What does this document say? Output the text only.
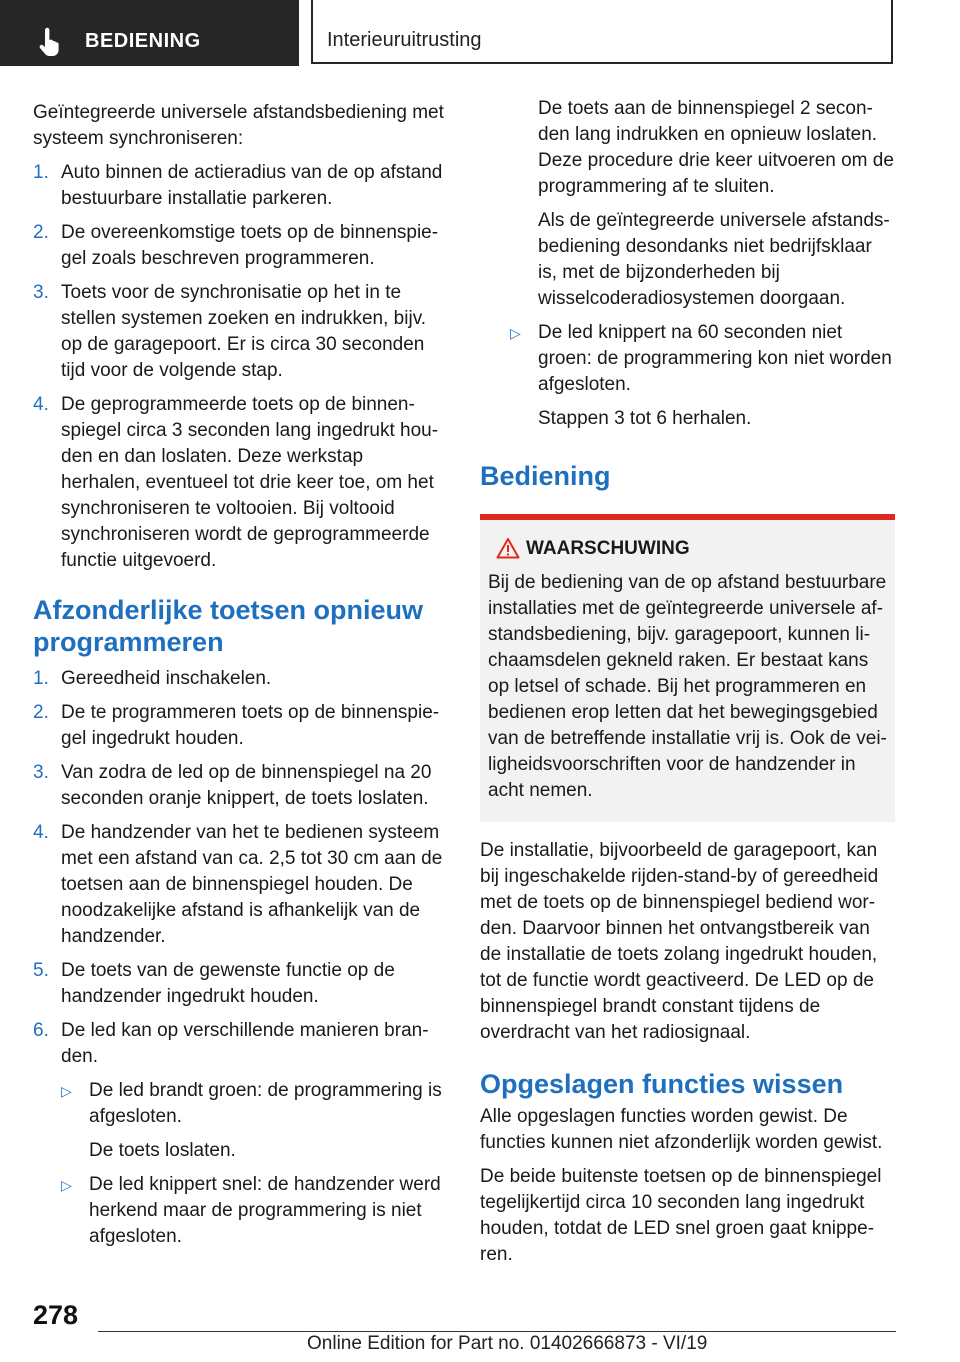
BEDIENING	Interieuruitrusting

Geïntegreerde universele afstandsbediening met systeem synchroniseren:

1. Auto binnen de actieradius van de op afstand bestuurbare installatie parkeren.
2. De overeenkomstige toets op de binnenspiegel zoals beschreven programmeren.
3. Toets voor de synchronisatie op het in te stellen systemen zoeken en indrukken, bijv. op de garagepoort. Er is circa 30 seconden tijd voor de volgende stap.
4. De geprogrammeerde toets op de binnenspiegel circa 3 seconden lang ingedrukt houden en dan loslaten. Deze werkstap herhalen, eventueel tot drie keer toe, om het synchroniseren te voltooien. Bij voltooid synchroniseren wordt de geprogrammeerde functie uitgevoerd.
Afzonderlijke toetsen opnieuw programmeren
1. Gereedheid inschakelen.
2. De te programmeren toets op de binnenspiegel ingedrukt houden.
3. Van zodra de led op de binnenspiegel na 20 seconden oranje knippert, de toets loslaten.
4. De handzender van het te bedienen systeem met een afstand van ca. 2,5 tot 30 cm aan de toetsen aan de binnenspiegel houden. De noodzakelijke afstand is afhankelijk van de handzender.
5. De toets van de gewenste functie op de handzender ingedrukt houden.
6. De led kan op verschillende manieren branden.
▷ De led brandt groen: de programmering is afgesloten.

De toets loslaten.

▷ De led knippert snel: de handzender werd herkend maar de programmering is niet afgesloten.

De toets aan de binnenspiegel 2 seconden lang indrukken en opnieuw loslaten. Deze procedure drie keer uitvoeren om de programmering af te sluiten.

Als de geïntegreerde universele afstandsbediening desondanks niet bedrijfsklaar is, met de bijzonderheden bij wisselcoderadiosystemen doorgaan.

▷ De led knippert na 60 seconden niet groen: de programmering kon niet worden afgesloten.

Stappen 3 tot 6 herhalen.

Bediening
WAARSCHUWING
Bij de bediening van de op afstand bestuurbare installaties met de geïntegreerde universele afstandsbediening, bijv. garagepoort, kunnen lichaamsdelen gekneld raken. Er bestaat kans op letsel of schade. Bij het programmeren en bedienen erop letten dat het bewegingsgebied van de betreffende installatie vrij is. Ook de veiligheidsvoorschriften voor de handzender in acht nemen.

De installatie, bijvoorbeeld de garagepoort, kan bij ingeschakelde rijden-stand-by of gereedheid met de toets op de binnenspiegel bediend worden. Daarvoor binnen het ontvangstbereik van de installatie de toets zolang ingedrukt houden, tot de functie wordt geactiveerd. De LED op de binnenspiegel brandt constant tijdens de overdracht van het radiosignaal.

Opgeslagen functies wissen

Alle opgeslagen functies worden gewist. De functies kunnen niet afzonderlijk worden gewist.

De beide buitenste toetsen op de binnenspiegel tegelijkertijd circa 10 seconden lang ingedrukt houden, totdat de LED snel groen gaat knipperen.

278
Online Edition for Part no. 01402666873 - VI/19
